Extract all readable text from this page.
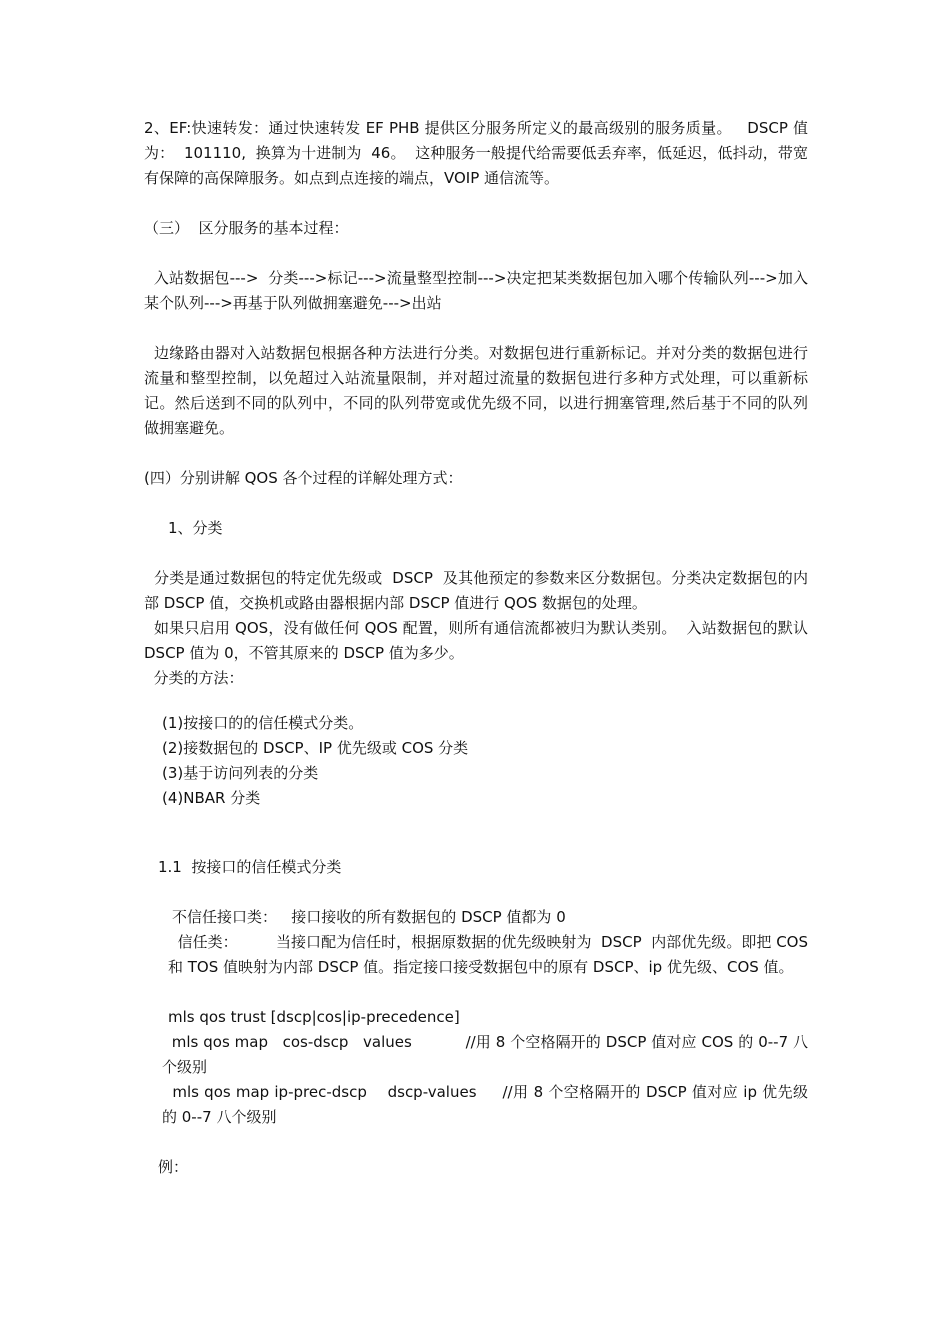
2、EF:快速转发：通过快速转发 EF PHB 提供区分服务所定义的最高级别的服务质量。   DSCP 值为：  101110,  换算为十进制为  46。  这种服务一般提代给需要低丢弃率，低延迟，低抖动，带宽有保障的高保障服务。如点到点连接的端点，VOIP 通信流等。

（三）  区分服务的基本过程：

入站数据包--->  分类--->标记--->流量整型控制--->决定把某类数据包加入哪个传输队列--->加入某个队列--->再基于队列做拥塞避免--->出站

边缘路由器对入站数据包根据各种方法进行分类。对数据包进行重新标记。并对分类的数据包进行流量和整型控制，以免超过入站流量限制，并对超过流量的数据包进行多种方式处理，可以重新标记。然后送到不同的队列中，不同的队列带宽或优先级不同，以进行拥塞管理,然后基于不同的队列做拥塞避免。

(四）分别讲解 QOS 各个过程的详解处理方式：

1、分类

分类是通过数据包的特定优先级或  DSCP  及其他预定的参数来区分数据包。分类决定数据包的内部 DSCP 值，交换机或路由器根据内部 DSCP 值进行 QOS 数据包的处理。

如果只启用 QOS，没有做任何 QOS 配置，则所有通信流都被归为默认类别。  入站数据包的默认 DSCP 值为 0，不管其原来的 DSCP 值为多少。

分类的方法：

(1)按接口的的信任模式分类。

(2)接数据包的 DSCP、IP 优先级或 COS 分类

(3)基于访问列表的分类

(4)NBAR 分类

1.1  按接口的信任模式分类

不信任接口类：   接口接收的所有数据包的 DSCP 值都为 0

信任类：        当接口配为信任时，根据原数据的优先级映射为  DSCP  内部优先级。即把 COS 和 TOS 值映射为内部 DSCP 值。指定接口接受数据包中的原有 DSCP、ip 优先级、COS 值。

mls qos trust [dscp|cos|ip-precedence]

mls qos map   cos-dscp   values           //用 8 个空格隔开的 DSCP 值对应 COS 的 0--7 八个级别

mls qos map ip-prec-dscp    dscp-values     //用 8 个空格隔开的 DSCP 值对应 ip 优先级的 0--7 八个级别

例：
